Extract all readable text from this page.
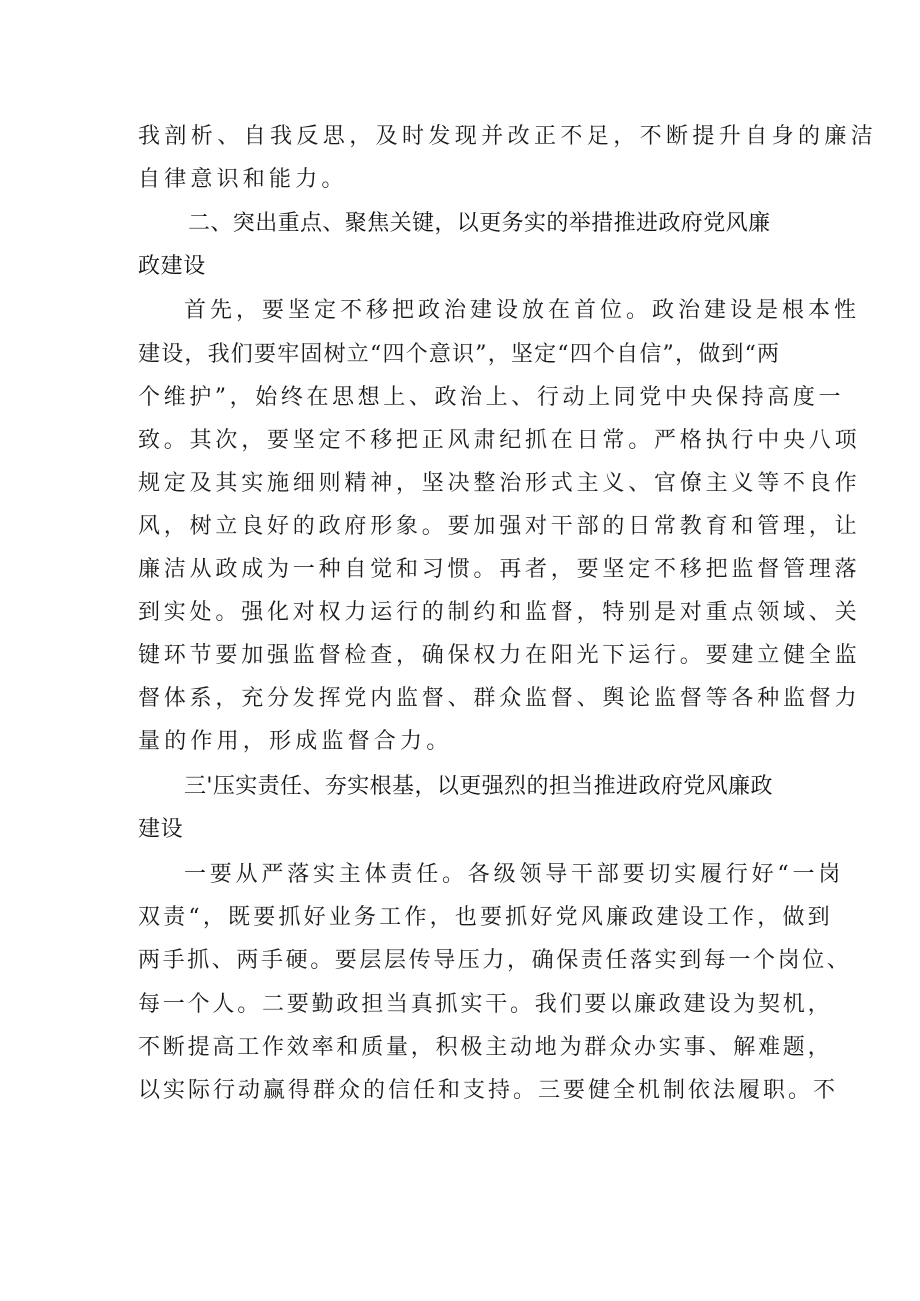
我剖析、自我反思，及时发现并改正不足，不断提升自身的廉洁
自律意识和能力。
二、突出重点、聚焦关键，以更务实的举措推进政府党风廉
政建设
首先，要坚定不移把政治建设放在首位。政治建设是根本性
建设，我们要牢固树立“四个意识”，坚定“四个自信”，做到“两
个维护”，始终在思想上、政治上、行动上同党中央保持高度一
致。其次，要坚定不移把正风肃纪抓在日常。严格执行中央八项
规定及其实施细则精神，坚决整治形式主义、官僚主义等不良作
风，树立良好的政府形象。要加强对干部的日常教育和管理，让
廉洁从政成为一种自觉和习惯。再者，要坚定不移把监督管理落
到实处。强化对权力运行的制约和监督，特别是对重点领域、关
键环节要加强监督检查，确保权力在阳光下运行。要建立健全监
督体系，充分发挥党内监督、群众监督、舆论监督等各种监督力
量的作用，形成监督合力。
三'压实责任、夯实根基，以更强烈的担当推进政府党风廉政
建设
一要从严落实主体责任。各级领导干部要切实履行好“一岗
双责“，既要抓好业务工作，也要抓好党风廉政建设工作，做到
两手抓、两手硬。要层层传导压力，确保责任落实到每一个岗位、
每一个人。二要勤政担当真抓实干。我们要以廉政建设为契机，
不断提高工作效率和质量，积极主动地为群众办实事、解难题，
以实际行动赢得群众的信任和支持。三要健全机制依法履职。不
